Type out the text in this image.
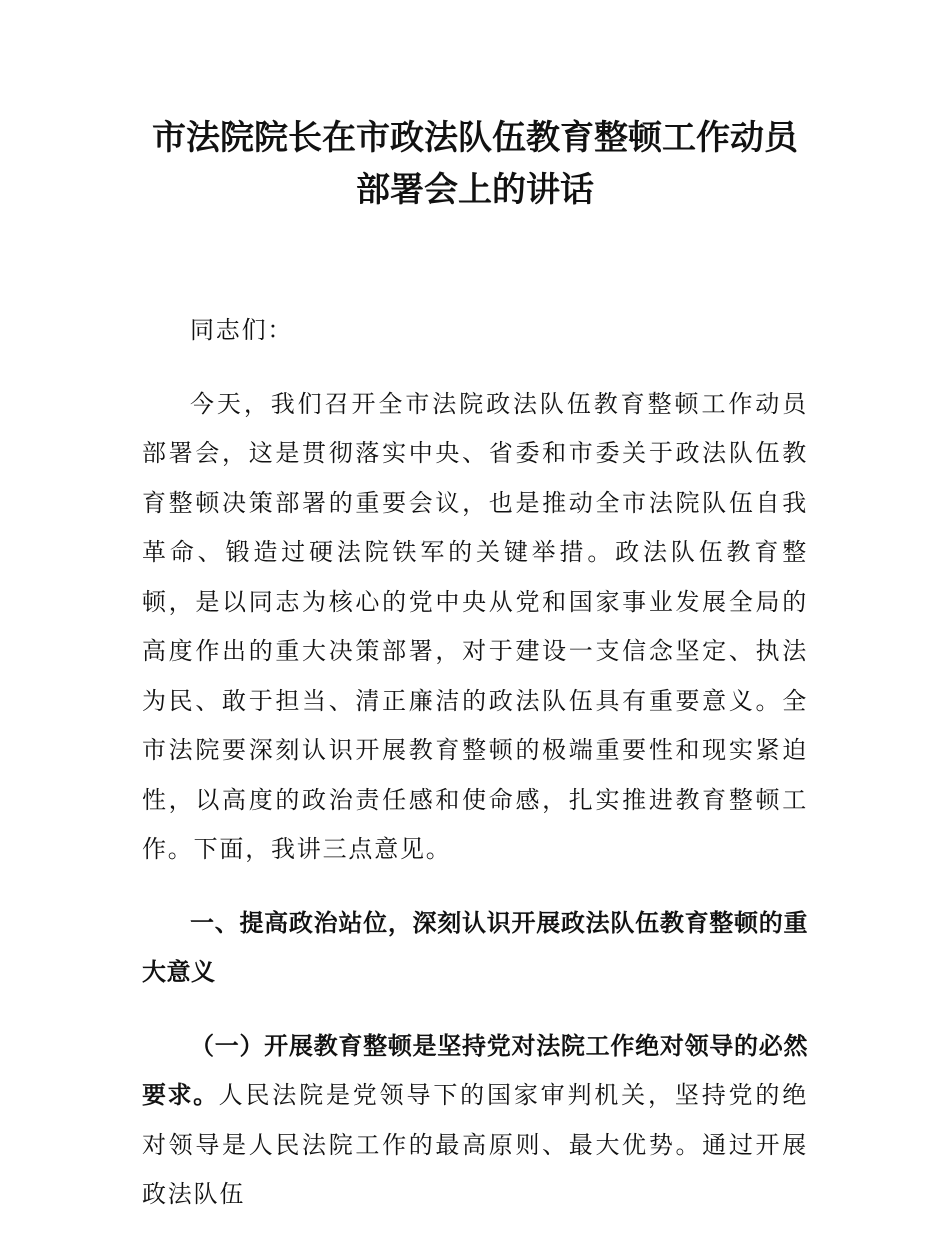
市法院院长在市政法队伍教育整顿工作动员
部署会上的讲话

同志们：

今天，我们召开全市法院政法队伍教育整顿工作动员部署会，这是贯彻落实中央、省委和市委关于政法队伍教育整顿决策部署的重要会议，也是推动全市法院队伍自我革命、锻造过硬法院铁军的关键举措。政法队伍教育整顿，是以同志为核心的党中央从党和国家事业发展全局的高度作出的重大决策部署，对于建设一支信念坚定、执法为民、敢于担当、清正廉洁的政法队伍具有重要意义。全市法院要深刻认识开展教育整顿的极端重要性和现实紧迫性，以高度的政治责任感和使命感，扎实推进教育整顿工作。下面，我讲三点意见。

一、提高政治站位，深刻认识开展政法队伍教育整顿的重大意义

（一）开展教育整顿是坚持党对法院工作绝对领导的必然要求。人民法院是党领导下的国家审判机关，坚持党的绝对领导是人民法院工作的最高原则、最大优势。通过开展政法队伍
